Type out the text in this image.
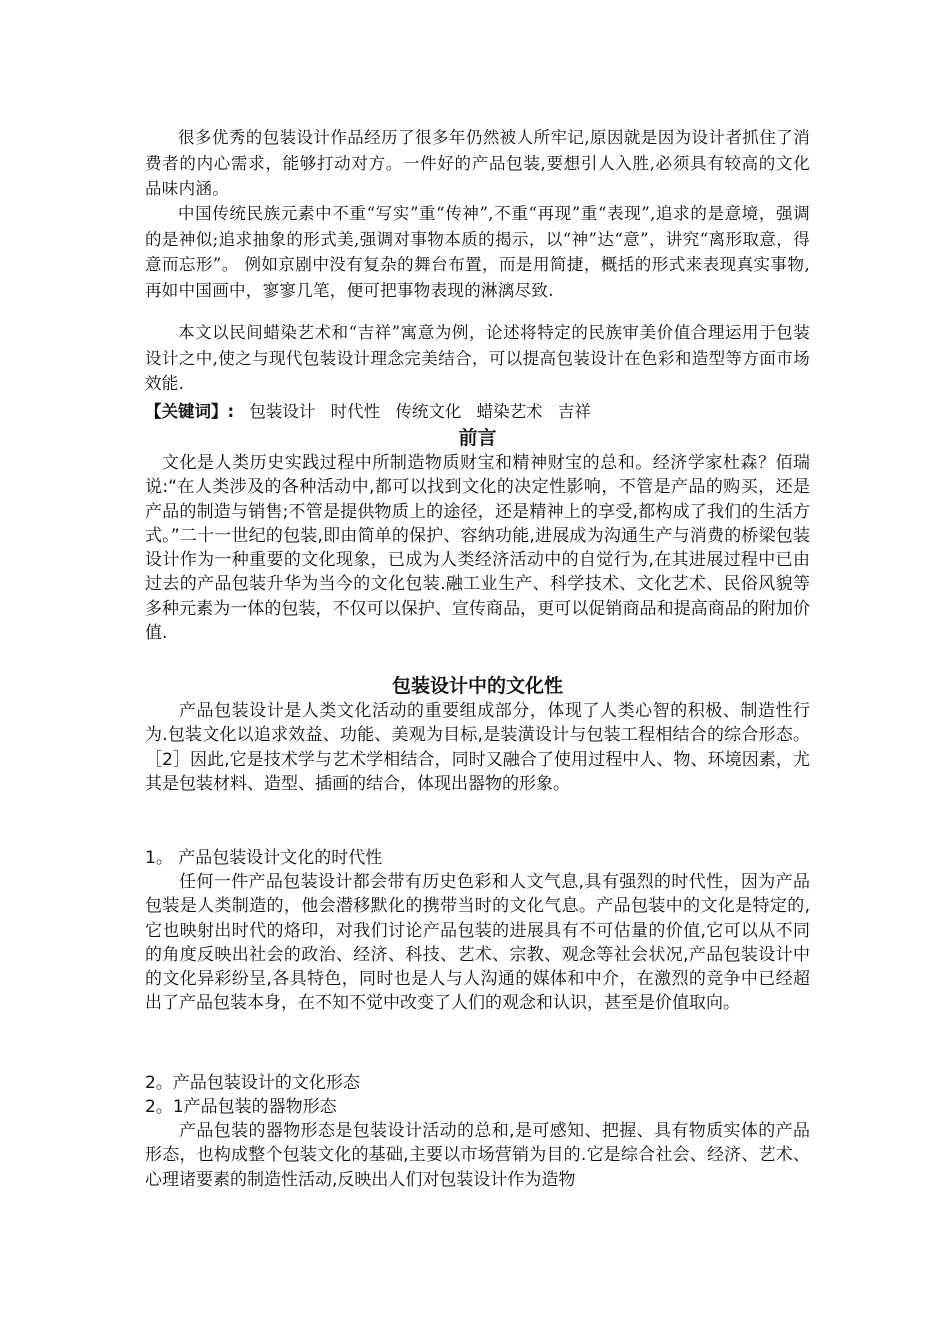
很多优秀的包装设计作品经历了很多年仍然被人所牢记,原因就是因为设计者抓住了消费者的内心需求，能够打动对方。一件好的产品包装,要想引人入胜,必须具有较高的文化品味内涵。

中国传统民族元素中不重“写实”重“传神”,不重“再现”重“表现”,追求的是意境，强调的是神似;追求抽象的形式美,强调对事物本质的揭示，以“神”达“意”，讲究“离形取意，得意而忘形”。 例如京剧中没有复杂的舞台布置，而是用简捷，概括的形式来表现真实事物,再如中国画中，寥寥几笔，便可把事物表现的淋漓尽致.

本文以民间蜡染艺术和“吉祥”寓意为例，论述将特定的民族审美价值合理运用于包装设计之中,使之与现代包装设计理念完美结合，可以提高包装设计在色彩和造型等方面市场效能.

【关键词】: 包装设计 时代性 传统文化 蜡染艺术 吉祥

前言

文化是人类历史实践过程中所制造物质财宝和精神财宝的总和。经济学家杜森？佰瑞说:“在人类涉及的各种活动中,都可以找到文化的决定性影响，不管是产品的购买，还是产品的制造与销售;不管是提供物质上的途径，还是精神上的享受,都构成了我们的生活方式。”二十一世纪的包装,即由简单的保护、容纳功能,进展成为沟通生产与消费的桥梁包装设计作为一种重要的文化现象，已成为人类经济活动中的自觉行为,在其进展过程中已由过去的产品包装升华为当今的文化包装.融工业生产、科学技术、文化艺术、民俗风貌等多种元素为一体的包装，不仅可以保护、宣传商品，更可以促销商品和提高商品的附加价值.

包装设计中的文化性

产品包装设计是人类文化活动的重要组成部分，体现了人类心智的积极、制造性行为.包装文化以追求效益、功能、美观为目标,是装潢设计与包装工程相结合的综合形态。［2］因此,它是技术学与艺术学相结合，同时又融合了使用过程中人、物、环境因素，尤其是包装材料、造型、插画的结合，体现出器物的形象。

1。 产品包装设计文化的时代性

任何一件产品包装设计都会带有历史色彩和人文气息,具有强烈的时代性，因为产品包装是人类制造的，他会潜移默化的携带当时的文化气息。产品包装中的文化是特定的,它也映射出时代的烙印，对我们讨论产品包装的进展具有不可估量的价值,它可以从不同的角度反映出社会的政治、经济、科技、艺术、宗教、观念等社会状况,产品包装设计中的文化异彩纷呈,各具特色，同时也是人与人沟通的媒体和中介，在激烈的竞争中已经超出了产品包装本身，在不知不觉中改变了人们的观念和认识，甚至是价值取向。

2。产品包装设计的文化形态

2。1产品包装的器物形态

产品包装的器物形态是包装设计活动的总和,是可感知、把握、具有物质实体的产品形态，也构成整个包装文化的基础,主要以市场营销为目的.它是综合社会、经济、艺术、心理诸要素的制造性活动,反映出人们对包装设计作为造物
